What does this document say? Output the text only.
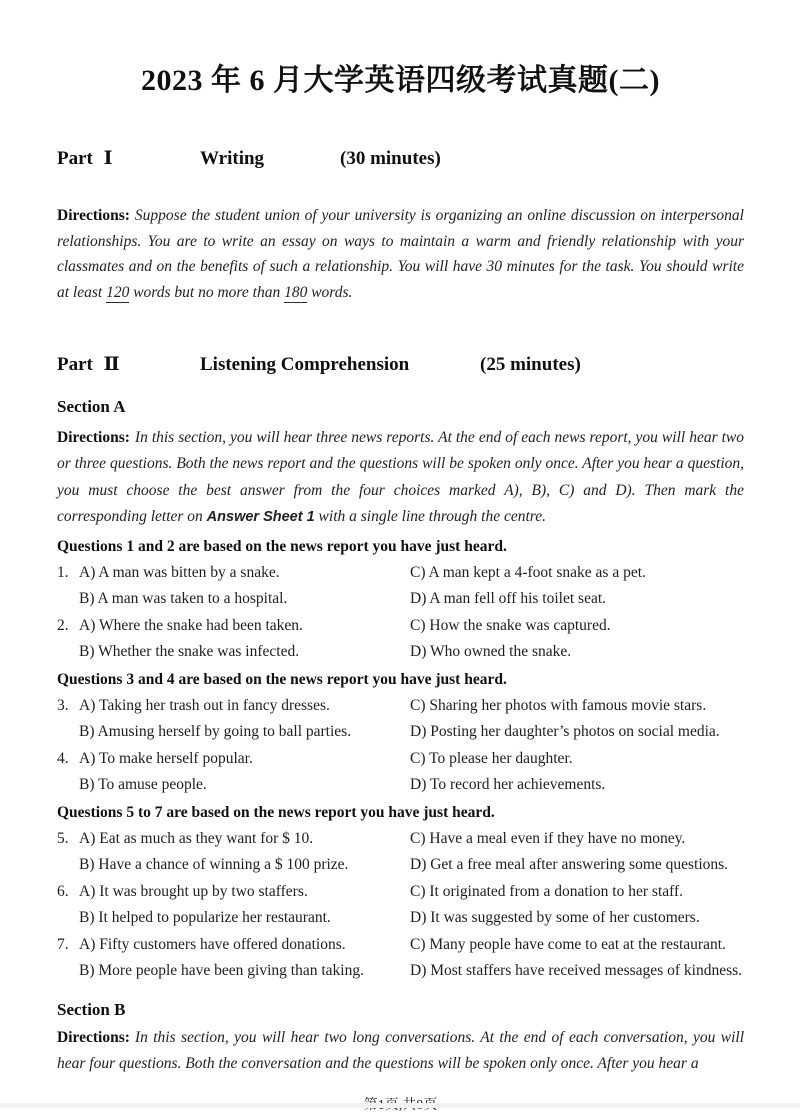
2023 年 6 月大学英语四级考试真题(二)
Part Ⅰ	Writing	(30 minutes)

Directions: Suppose the student union of your university is organizing an online discussion on interpersonal relationships. You are to write an essay on ways to maintain a warm and friendly relationship with your classmates and on the benefits of such a relationship. You will have 30 minutes for the task. You should write at least 120 words but no more than 180 words.

Part Ⅱ	Listening Comprehension	(25 minutes)
Section A

Directions: In this section, you will hear three news reports. At the end of each news report, you will hear two or three questions. Both the news report and the questions will be spoken only once. After you hear a question, you must choose the best answer from the four choices marked A), B), C) and D). Then mark the corresponding letter on Answer Sheet 1 with a single line through the centre.

Questions 1 and 2 are based on the news report you have just heard.

1. A) A man was bitten by a snake.	C) A man kept a 4-foot snake as a pet.
B) A man was taken to a hospital.	D) A man fell off his toilet seat.
2. A) Where the snake had been taken.	C) How the snake was captured.
B) Whether the snake was infected.	D) Who owned the snake.

Questions 3 and 4 are based on the news report you have just heard.

3. A) Taking her trash out in fancy dresses.	C) Sharing her photos with famous movie stars.
B) Amusing herself by going to ball parties.	D) Posting her daughter’s photos on social media.
4. A) To make herself popular.	C) To please her daughter.
B) To amuse people.	D) To record her achievements.

Questions 5 to 7 are based on the news report you have just heard.

5. A) Eat as much as they want for $ 10.	C) Have a meal even if they have no money.
B) Have a chance of winning a $ 100 prize.	D) Get a free meal after answering some questions.
6. A) It was brought up by two staffers.	C) It originated from a donation to her staff.
B) It helped to popularize her restaurant.	D) It was suggested by some of her customers.
7. A) Fifty customers have offered donations.	C) Many people have come to eat at the restaurant.
B) More people have been giving than taking.	D) Most staffers have received messages of kindness.
Section B

Directions: In this section, you will hear two long conversations. At the end of each conversation, you will hear four questions. Both the conversation and the questions will be spoken only once. After you hear a
